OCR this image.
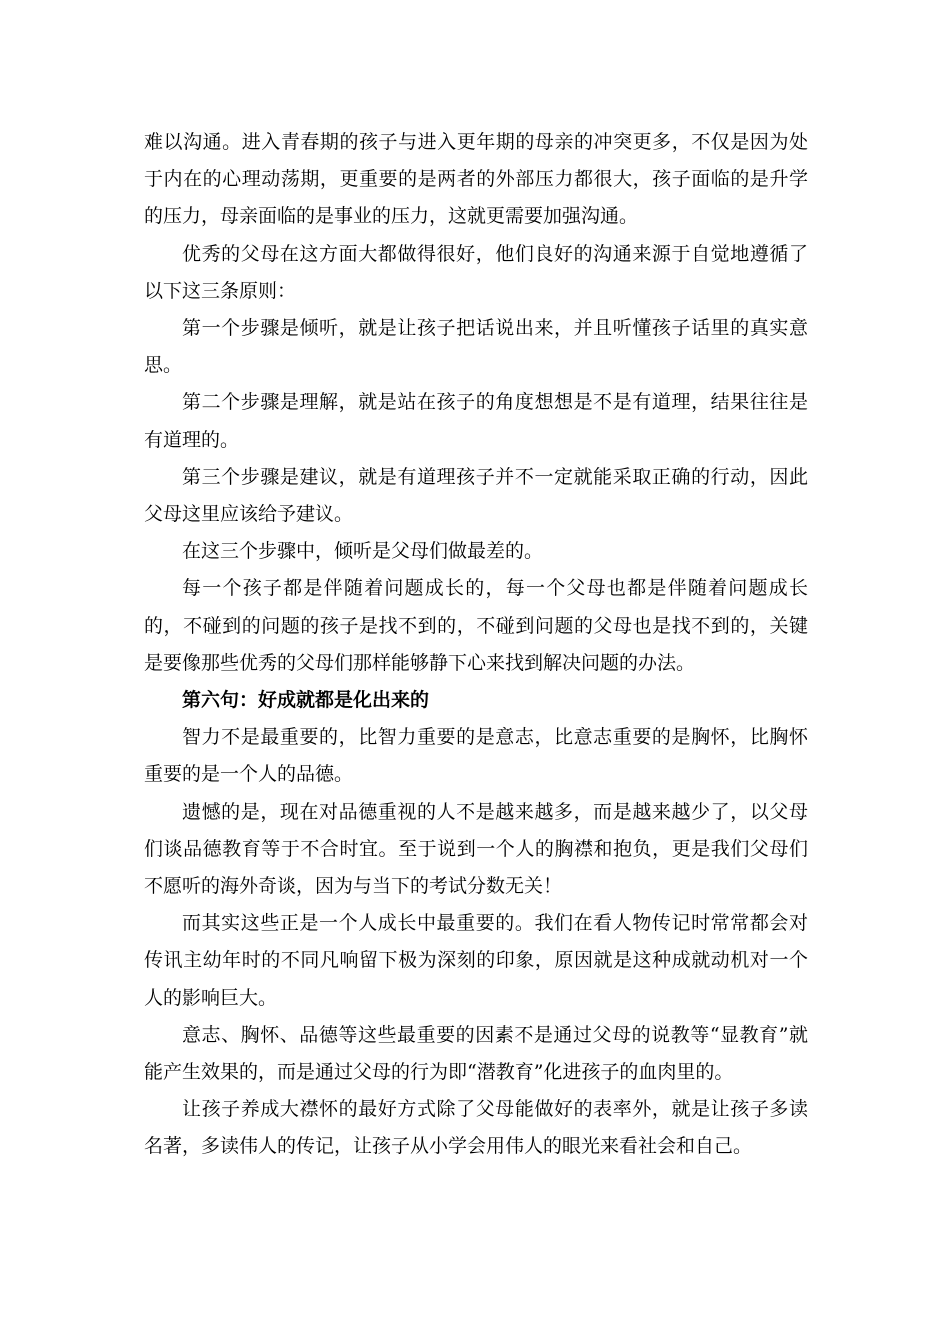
难以沟通。进入青春期的孩子与进入更年期的母亲的冲突更多，不仅是因为处于内在的心理动荡期，更重要的是两者的外部压力都很大，孩子面临的是升学的压力，母亲面临的是事业的压力，这就更需要加强沟通。

优秀的父母在这方面大都做得很好，他们良好的沟通来源于自觉地遵循了以下这三条原则：

第一个步骤是倾听，就是让孩子把话说出来，并且听懂孩子话里的真实意思。

第二个步骤是理解，就是站在孩子的角度想想是不是有道理，结果往往是有道理的。

第三个步骤是建议，就是有道理孩子并不一定就能采取正确的行动，因此父母这里应该给予建议。

在这三个步骤中，倾听是父母们做最差的。

每一个孩子都是伴随着问题成长的，每一个父母也都是伴随着问题成长的，不碰到的问题的孩子是找不到的，不碰到问题的父母也是找不到的，关键是要像那些优秀的父母们那样能够静下心来找到解决问题的办法。

第六句：好成就都是化出来的

智力不是最重要的，比智力重要的是意志，比意志重要的是胸怀，比胸怀重要的是一个人的品德。

遗憾的是，现在对品德重视的人不是越来越多，而是越来越少了，以父母们谈品德教育等于不合时宜。至于说到一个人的胸襟和抱负，更是我们父母们不愿听的海外奇谈，因为与当下的考试分数无关！

而其实这些正是一个人成长中最重要的。我们在看人物传记时常常都会对传讯主幼年时的不同凡响留下极为深刻的印象，原因就是这种成就动机对一个人的影响巨大。

意志、胸怀、品德等这些最重要的因素不是通过父母的说教等“显教育”就能产生效果的，而是通过父母的行为即“潜教育”化进孩子的血肉里的。

让孩子养成大襟怀的最好方式除了父母能做好的表率外，就是让孩子多读名著，多读伟人的传记，让孩子从小学会用伟人的眼光来看社会和自己。
